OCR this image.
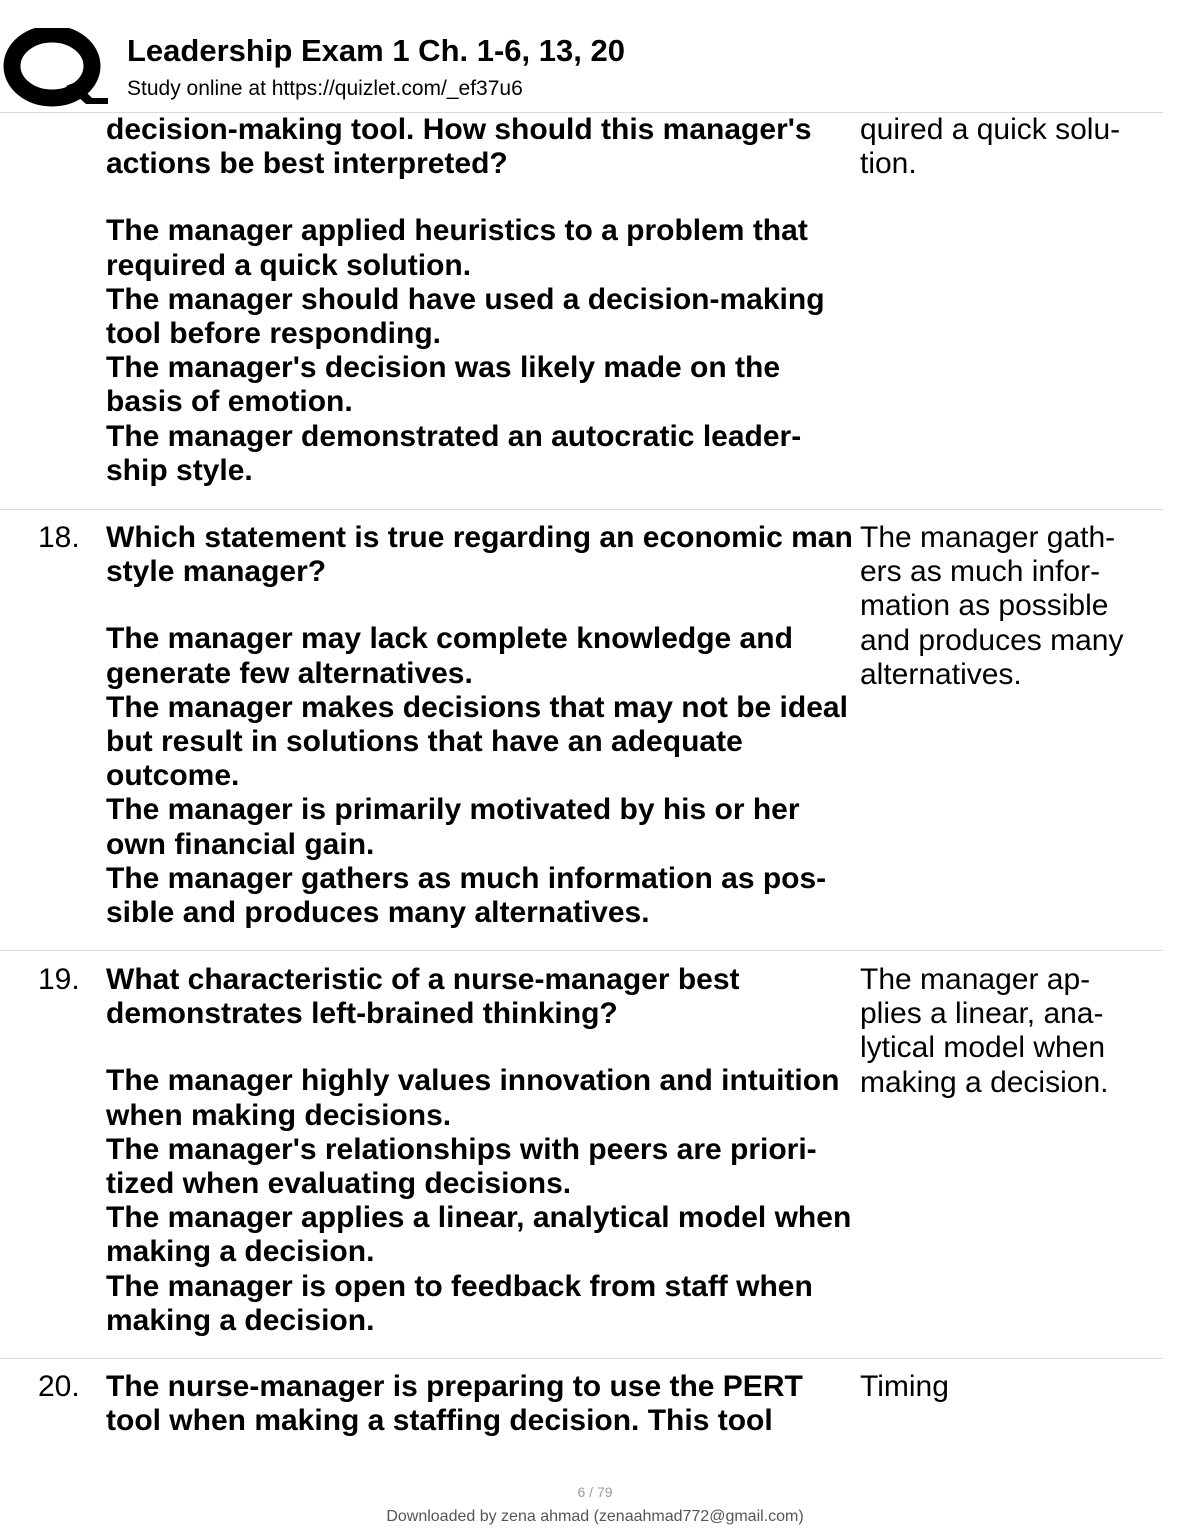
Leadership Exam 1 Ch. 1-6, 13, 20
Study online at https://quizlet.com/_ef37u6

decision-making tool. How should this manager's actions be best interpreted?

The manager applied heuristics to a problem that required a quick solution.

The manager should have used a decision-making tool before responding.

The manager's decision was likely made on the basis of emotion.

The manager demonstrated an autocratic leader-ship style.

quired a quick solu-tion.
18. Which statement is true regarding an economic man style manager?

The manager may lack complete knowledge and generate few alternatives.

The manager makes decisions that may not be ideal but result in solutions that have an adequate outcome.

The manager is primarily motivated by his or her own financial gain.

The manager gathers as much information as pos-sible and produces many alternatives.

The manager gath-ers as much infor-mation as possible and produces many alternatives.
19. What characteristic of a nurse-manager best demonstrates left-brained thinking?

The manager highly values innovation and intuition when making decisions.

The manager's relationships with peers are priori-tized when evaluating decisions.

The manager applies a linear, analytical model when making a decision.

The manager is open to feedback from staff when making a decision.

The manager ap-plies a linear, ana-lytical model when making a decision.
20. The nurse-manager is preparing to use the PERT tool when making a staffing decision. This tool

Timing
6 / 79
Downloaded by zena ahmad (zenaahmad772@gmail.com)
